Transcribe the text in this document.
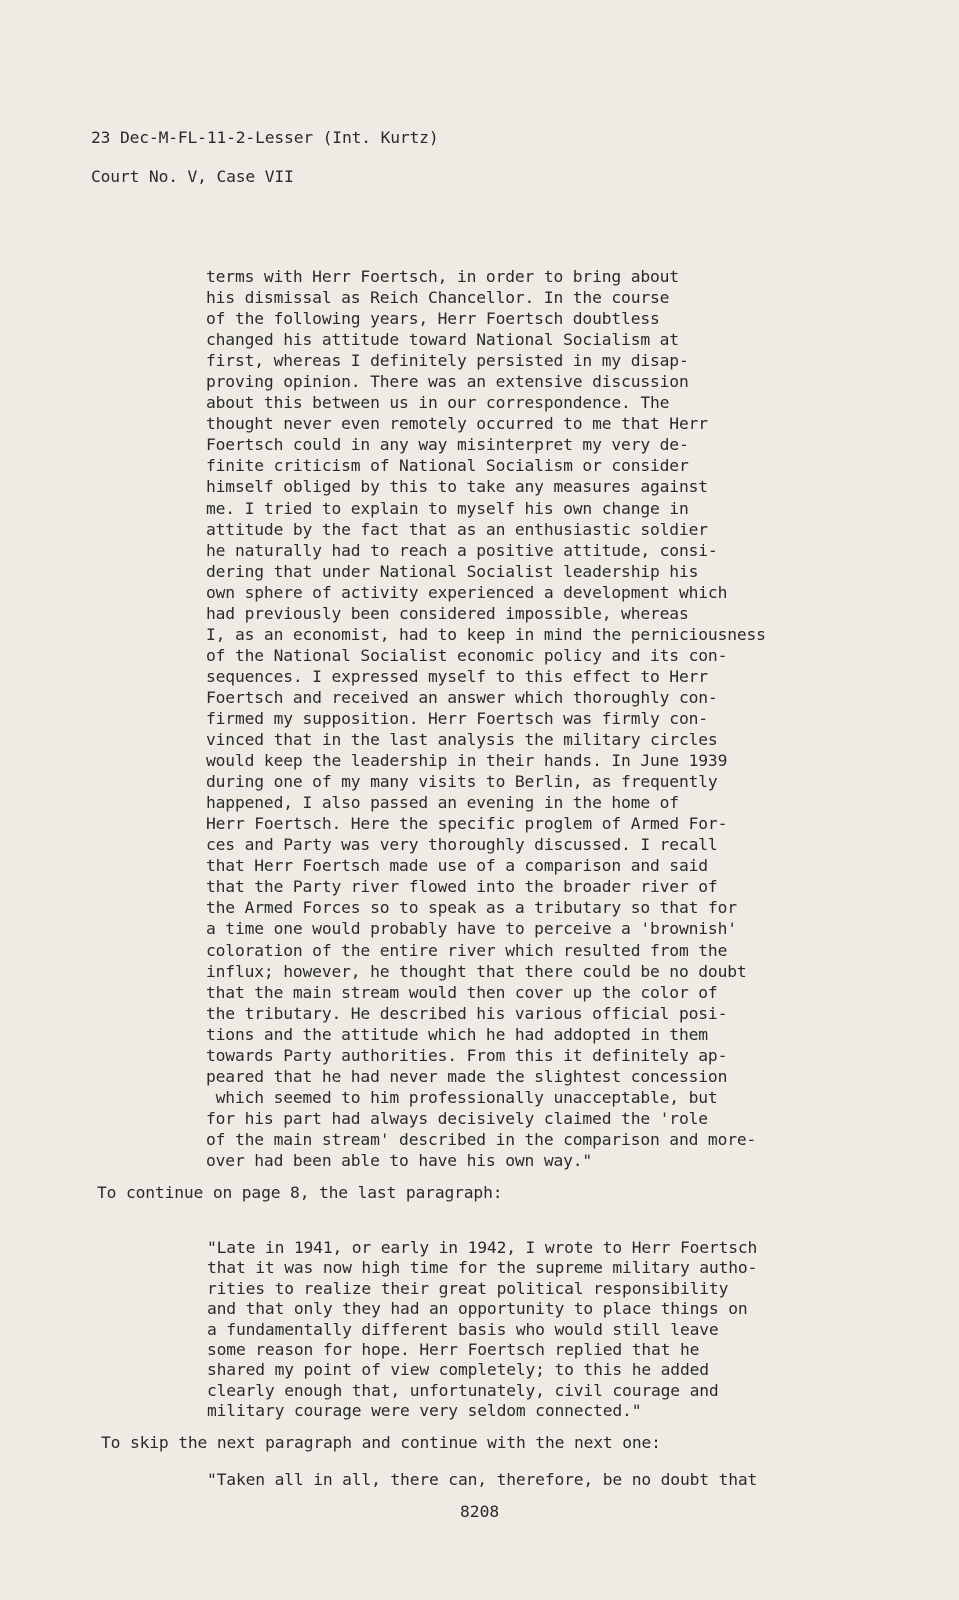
23 Dec-M-FL-11-2-Lesser (Int. Kurtz)
Court No. V, Case VII
terms with Herr Foertsch, in order to bring about
his dismissal as Reich Chancellor. In the course
of the following years, Herr Foertsch doubtless
changed his attitude toward National Socialism at
first, whereas I definitely persisted in my disap-
proving opinion. There was an extensive discussion
about this between us in our correspondence. The
thought never even remotely occurred to me that Herr
Foertsch could in any way misinterpret my very de-
finite criticism of National Socialism or consider
himself obliged by this to take any measures against
me. I tried to explain to myself his own change in
attitude by the fact that as an enthusiastic soldier
he naturally had to reach a positive attitude, consi-
dering that under National Socialist leadership his
own sphere of activity experienced a development which
had previously been considered impossible, whereas
I, as an economist, had to keep in mind the perniciousness
of the National Socialist economic policy and its con-
sequences. I expressed myself to this effect to Herr
Foertsch and received an answer which thoroughly con-
firmed my supposition. Herr Foertsch was firmly con-
vinced that in the last analysis the military circles
would keep the leadership in their hands. In June 1939
during one of my many visits to Berlin, as frequently
happened, I also passed an evening in the home of
Herr Foertsch. Here the specific proglem of Armed For-
ces and Party was very thoroughly discussed. I recall
that Herr Foertsch made use of a comparison and said
that the Party river flowed into the broader river of
the Armed Forces so to speak as a tributary so that for
a time one would probably have to perceive a 'brownish'
coloration of the entire river which resulted from the
influx; however, he thought that there could be no doubt
that the main stream would then cover up the color of
the tributary. He described his various official posi-
tions and the attitude which he had addopted in them
towards Party authorities. From this it definitely ap-
peared that he had never made the slightest concession
which seemed to him professionally unacceptable, but
for his part had always decisively claimed the 'role
of the main stream' described in the comparison and more-
over had been able to have his own way."
To continue on page 8, the last paragraph:
"Late in 1941, or early in 1942, I wrote to Herr Foertsch
that it was now high time for the supreme military autho-
rities to realize their great political responsibility
and that only they had an opportunity to place things on
a fundamentally different basis who would still leave
some reason for hope. Herr Foertsch replied that he
shared my point of view completely; to this he added
clearly enough that, unfortunately, civil courage and
military courage were very seldom connected."
To skip the next paragraph and continue with the next one:
"Taken all in all, there can, therefore, be no doubt that
8208
